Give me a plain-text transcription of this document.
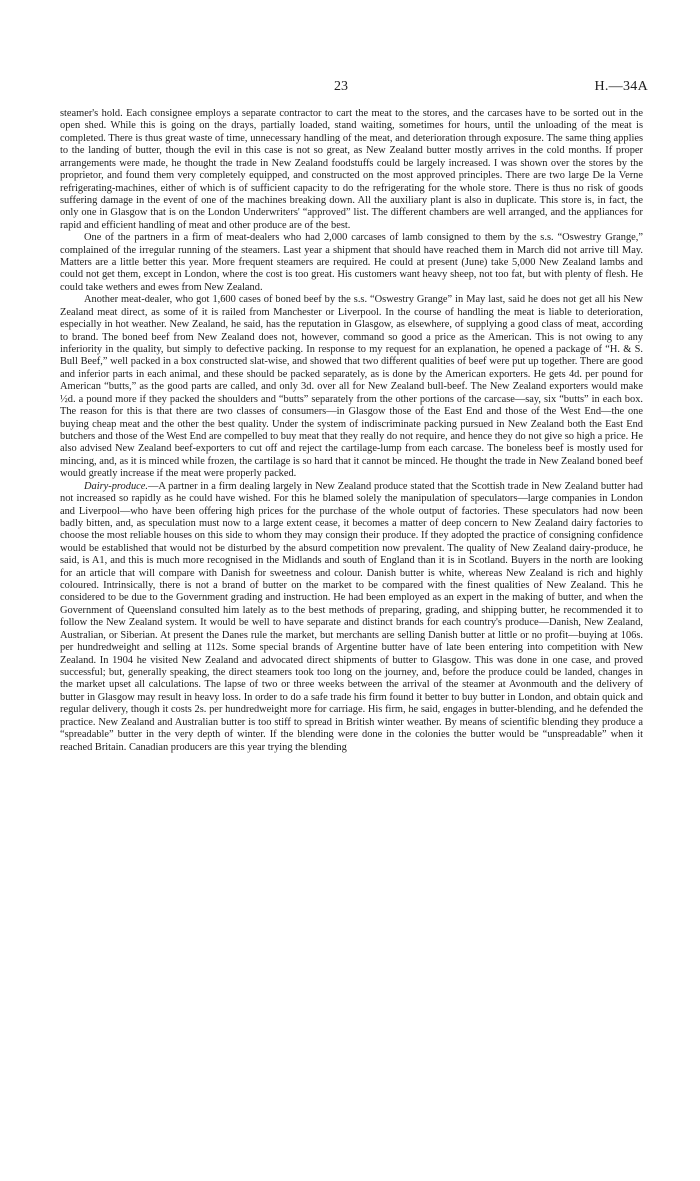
23	H.—34A

steamer's hold. Each consignee employs a separate contractor to cart the meat to the stores, and the carcases have to be sorted out in the open shed. While this is going on the drays, partially loaded, stand waiting, sometimes for hours, until the unloading of the meat is completed. There is thus great waste of time, unnecessary handling of the meat, and deterioration through exposure. The same thing applies to the landing of butter, though the evil in this case is not so great, as New Zealand butter mostly arrives in the cold months. If proper arrangements were made, he thought the trade in New Zealand foodstuffs could be largely increased. I was shown over the stores by the proprietor, and found them very completely equipped, and constructed on the most approved principles. There are two large De la Verne refrigerating-machines, either of which is of sufficient capacity to do the refrigerating for the whole store. There is thus no risk of goods suffering damage in the event of one of the machines breaking down. All the auxiliary plant is also in duplicate. This store is, in fact, the only one in Glasgow that is on the London Underwriters' “approved” list. The different chambers are well arranged, and the appliances for rapid and efficient handling of meat and other produce are of the best.

One of the partners in a firm of meat-dealers who had 2,000 carcases of lamb consigned to them by the s.s. “Oswestry Grange,” complained of the irregular running of the steamers. Last year a shipment that should have reached them in March did not arrive till May. Matters are a little better this year. More frequent steamers are required. He could at present (June) take 5,000 New Zealand lambs and could not get them, except in London, where the cost is too great. His customers want heavy sheep, not too fat, but with plenty of flesh. He could take wethers and ewes from New Zealand.

Another meat-dealer, who got 1,600 cases of boned beef by the s.s. “Oswestry Grange” in May last, said he does not get all his New Zealand meat direct, as some of it is railed from Manchester or Liverpool. In the course of handling the meat is liable to deterioration, especially in hot weather. New Zealand, he said, has the reputation in Glasgow, as elsewhere, of supplying a good class of meat, according to brand. The boned beef from New Zealand does not, however, command so good a price as the American. This is not owing to any inferiority in the quality, but simply to defective packing. In response to my request for an explanation, he opened a package of “H. & S. Bull Beef,” well packed in a box constructed slat-wise, and showed that two different qualities of beef were put up together. There are good and inferior parts in each animal, and these should be packed separately, as is done by the American exporters. He gets 4d. per pound for American “butts,” as the good parts are called, and only 3d. over all for New Zealand bull-beef. The New Zealand exporters would make ½d. a pound more if they packed the shoulders and “butts” separately from the other portions of the carcase—say, six “butts” in each box. The reason for this is that there are two classes of consumers—in Glasgow those of the East End and those of the West End—the one buying cheap meat and the other the best quality. Under the system of indiscriminate packing pursued in New Zealand both the East End butchers and those of the West End are compelled to buy meat that they really do not require, and hence they do not give so high a price. He also advised New Zealand beef-exporters to cut off and reject the cartilage-lump from each carcase. The boneless beef is mostly used for mincing, and, as it is minced while frozen, the cartilage is so hard that it cannot be minced. He thought the trade in New Zealand boned beef would greatly increase if the meat were properly packed.

Dairy-produce.—A partner in a firm dealing largely in New Zealand produce stated that the Scottish trade in New Zealand butter had not increased so rapidly as he could have wished. For this he blamed solely the manipulation of speculators—large companies in London and Liverpool—who have been offering high prices for the purchase of the whole output of factories. These speculators had now been badly bitten, and, as speculation must now to a large extent cease, it becomes a matter of deep concern to New Zealand dairy factories to choose the most reliable houses on this side to whom they may consign their produce. If they adopted the practice of consigning confidence would be established that would not be disturbed by the absurd competition now prevalent. The quality of New Zealand dairy-produce, he said, is A1, and this is much more recognised in the Midlands and south of England than it is in Scotland. Buyers in the north are looking for an article that will compare with Danish for sweetness and colour. Danish butter is white, whereas New Zealand is rich and highly coloured. Intrinsically, there is not a brand of butter on the market to be compared with the finest qualities of New Zealand. This he considered to be due to the Government grading and instruction. He had been employed as an expert in the making of butter, and when the Government of Queensland consulted him lately as to the best methods of preparing, grading, and shipping butter, he recommended it to follow the New Zealand system. It would be well to have separate and distinct brands for each country's produce—Danish, New Zealand, Australian, or Siberian. At present the Danes rule the market, but merchants are selling Danish butter at little or no profit—buying at 106s. per hundredweight and selling at 112s. Some special brands of Argentine butter have of late been entering into competition with New Zealand. In 1904 he visited New Zealand and advocated direct shipments of butter to Glasgow. This was done in one case, and proved successful; but, generally speaking, the direct steamers took too long on the journey, and, before the produce could be landed, changes in the market upset all calculations. The lapse of two or three weeks between the arrival of the steamer at Avonmouth and the delivery of butter in Glasgow may result in heavy loss. In order to do a safe trade his firm found it better to buy butter in London, and obtain quick and regular delivery, though it costs 2s. per hundredweight more for carriage. His firm, he said, engages in butter-blending, and he defended the practice. New Zealand and Australian butter is too stiff to spread in British winter weather. By means of scientific blending they produce a “spreadable” butter in the very depth of winter. If the blending were done in the colonies the butter would be “unspreadable” when it reached Britain. Canadian producers are this year trying the blending
